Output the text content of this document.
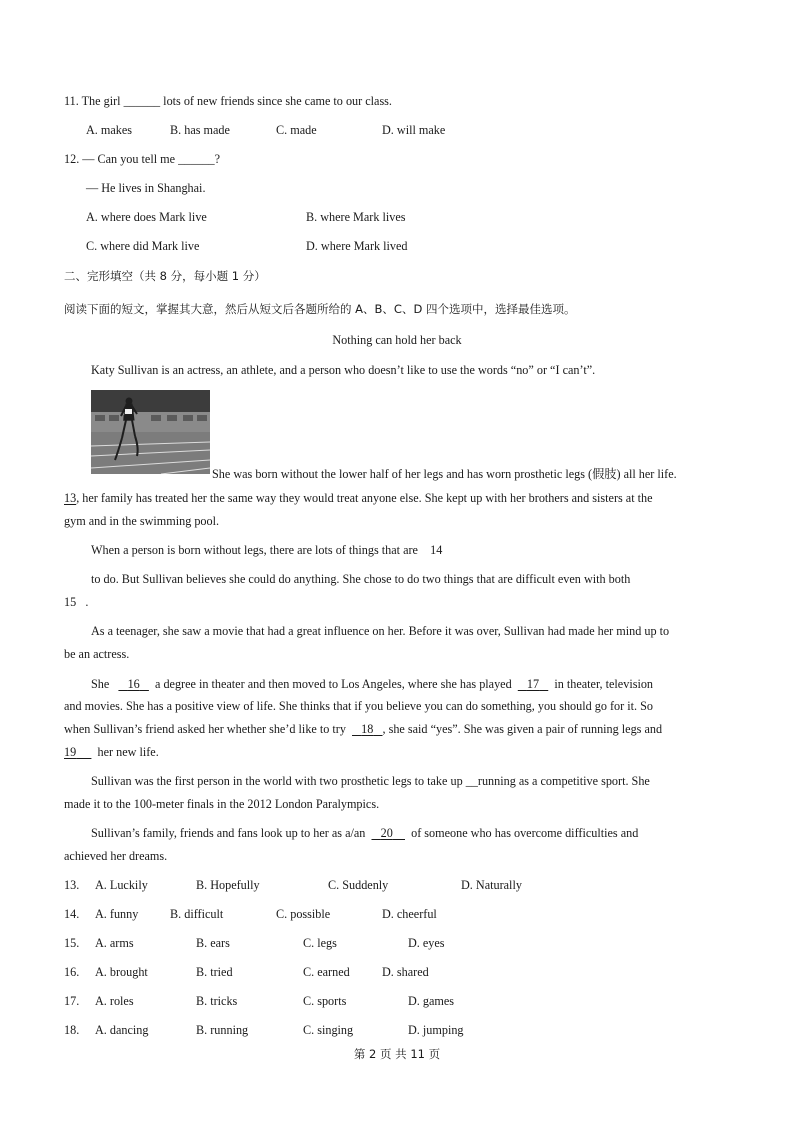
11. The girl ______ lots of new friends since she came to our class.
A. makes	B. has made	C. made	D. will make
12. — Can you tell me ______?
— He lives in Shanghai.
A. where does Mark live	B. where Mark lives
C. where did Mark live	D. where Mark lived
二、完形填空（共 8 分，每小题 1 分）
阅读下面的短文，掌握其大意，然后从短文后各题所给的 A、B、C、D 四个选项中，选择最佳选项。
Nothing can hold her back
Katy Sullivan is an actress, an athlete, and a person who doesn’t like to use the words “no” or “I can’t”.
She was born without the lower half of her legs and has worn prosthetic legs (假肢) all her life.
13, her family has treated her the same way they would treat anyone else. She kept up with her brothers and sisters at the
gym and in the swimming pool.
When a person is born without legs, there are lots of things that are 14
to do. But Sullivan believes she could do anything. She chose to do two things that are difficult even with both
15 .
As a teenager, she saw a movie that had a great influence on her. Before it was over, Sullivan had made her mind up to
be an actress.
She 16 a degree in theater and then moved to Los Angeles, where she has played 17 in theater, television
and movies. She has a positive view of life. She thinks that if you believe you can do something, you should go for it. So
when Sullivan’s friend asked her whether she’d like to try 18 , she said “yes”. She was given a pair of running legs and
19 her new life.
Sullivan was the first person in the world with two prosthetic legs to take up __running as a competitive sport. She
made it to the 100-meter finals in the 2012 London Paralympics.
Sullivan’s family, friends and fans look up to her as a/an 20 of someone who has overcome difficulties and
achieved her dreams.
13. A. Luckily	B. Hopefully	C. Suddenly	D. Naturally
14. A. funny	B. difficult	C. possible	D. cheerful
15. A. arms	B. ears	C. legs	D. eyes
16. A. brought	B. tried	C. earned	D. shared
17. A. roles	B. tricks	C. sports	D. games
18. A. dancing	B. running	C. singing	D. jumping
第 2 页 共 11 页
